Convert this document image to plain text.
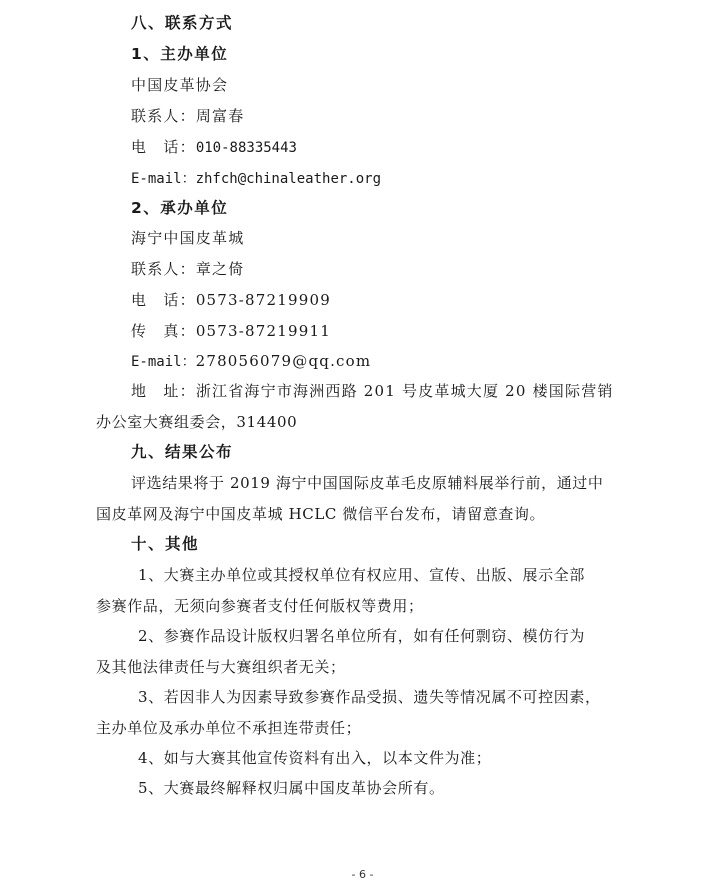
八、联系方式
1、主办单位
中国皮革协会
联系人：周富春
电　话：010-88335443
E-mail：zhfch@chinaleather.org
2、承办单位
海宁中国皮革城
联系人：章之倚
电　话：0573-87219909
传　真：0573-87219911
E-mail：278056079@qq.com
地　址：浙江省海宁市海洲西路 201 号皮革城大厦 20 楼国际营销
办公室大赛组委会，314400
九、结果公布
评选结果将于 2019 海宁中国国际皮革毛皮原辅料展举行前，通过中
国皮革网及海宁中国皮革城 HCLC 微信平台发布，请留意查询。
十、其他
1、大赛主办单位或其授权单位有权应用、宣传、出版、展示全部
参赛作品，无须向参赛者支付任何版权等费用；
2、参赛作品设计版权归署名单位所有，如有任何剽窃、模仿行为
及其他法律责任与大赛组织者无关；
3、若因非人为因素导致参赛作品受损、遗失等情况属不可控因素，
主办单位及承办单位不承担连带责任；
4、如与大赛其他宣传资料有出入，以本文件为准；
5、大赛最终解释权归属中国皮革协会所有。
- 6 -
